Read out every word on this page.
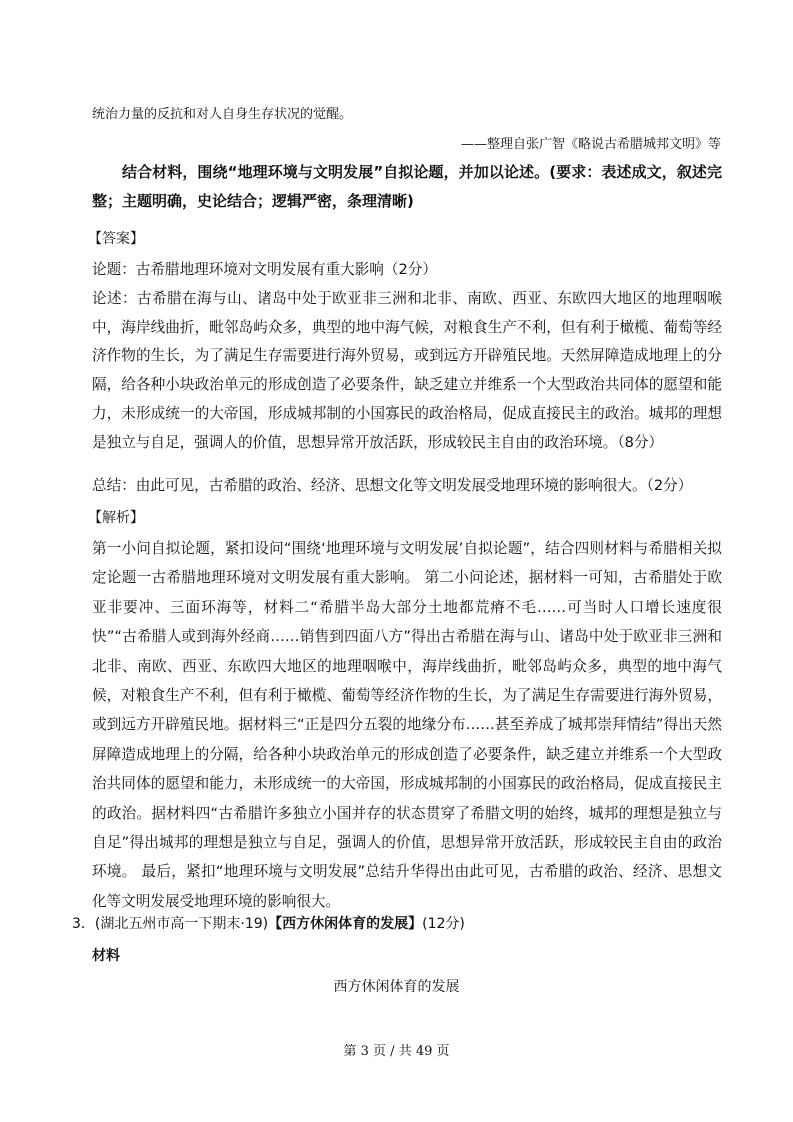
统治力量的反抗和对人自身生存状况的觉醒。
——整理自张广智《略说古希腊城邦文明》等
结合材料，围绕“地理环境与文明发展”自拟论题，并加以论述。(要求：表述成文，叙述完整；主题明确，史论结合；逻辑严密，条理清晰)
【答案】
论题：古希腊地理环境对文明发展有重大影响（2分）
论述：古希腊在海与山、诸岛中处于欧亚非三洲和北非、南欧、西亚、东欧四大地区的地理咽喉中，海岸线曲折，毗邻岛屿众多，典型的地中海气候，对粮食生产不利，但有利于橄榄、葡萄等经济作物的生长，为了满足生存需要进行海外贸易，或到远方开辟殖民地。天然屏障造成地理上的分隔，给各种小块政治单元的形成创造了必要条件，缺乏建立并维系一个大型政治共同体的愿望和能力，未形成统一的大帝国，形成城邦制的小国寡民的政治格局，促成直接民主的政治。城邦的理想是独立与自足，强调人的价值，思想异常开放活跃，形成较民主自由的政治环境。（8分）
总结：由此可见，古希腊的政治、经济、思想文化等文明发展受地理环境的影响很大。（2分）
【解析】
第一小问自拟论题，紧扣设问“围绕‘地理环境与文明发展’自拟论题”，结合四则材料与希腊相关拟定论题一古希腊地理环境对文明发展有重大影响。 第二小问论述，据材料一可知，古希腊处于欧亚非要冲、三面环海等，材料二“希腊半岛大部分土地都荒瘠不毛……可当时人口增长速度很快”“古希腊人或到海外经商……销售到四面八方”得出古希腊在海与山、诸岛中处于欧亚非三洲和北非、南欧、西亚、东欧四大地区的地理咽喉中，海岸线曲折，毗邻岛屿众多，典型的地中海气候，对粮食生产不利，但有利于橄榄、葡萄等经济作物的生长，为了满足生存需要进行海外贸易，或到远方开辟殖民地。据材料三“正是四分五裂的地缘分布……甚至养成了城邦崇拜情结”得出天然屏障造成地理上的分隔，给各种小块政治单元的形成创造了必要条件，缺乏建立并维系一个大型政治共同体的愿望和能力，未形成统一的大帝国，形成城邦制的小国寡民的政治格局，促成直接民主的政治。据材料四“古希腊许多独立小国并存的状态贯穿了希腊文明的始终，城邦的理想是独立与自足”得出城邦的理想是独立与自足，强调人的价值，思想异常开放活跃，形成较民主自由的政治环境。 最后，紧扣“地理环境与文明发展”总结升华得出由此可见，古希腊的政治、经济、思想文化等文明发展受地理环境的影响很大。
3．(湖北五州市高一下期末·19)【西方休闲体育的发展】(12分)
材料
西方休闲体育的发展
第 3 页 / 共 49 页
